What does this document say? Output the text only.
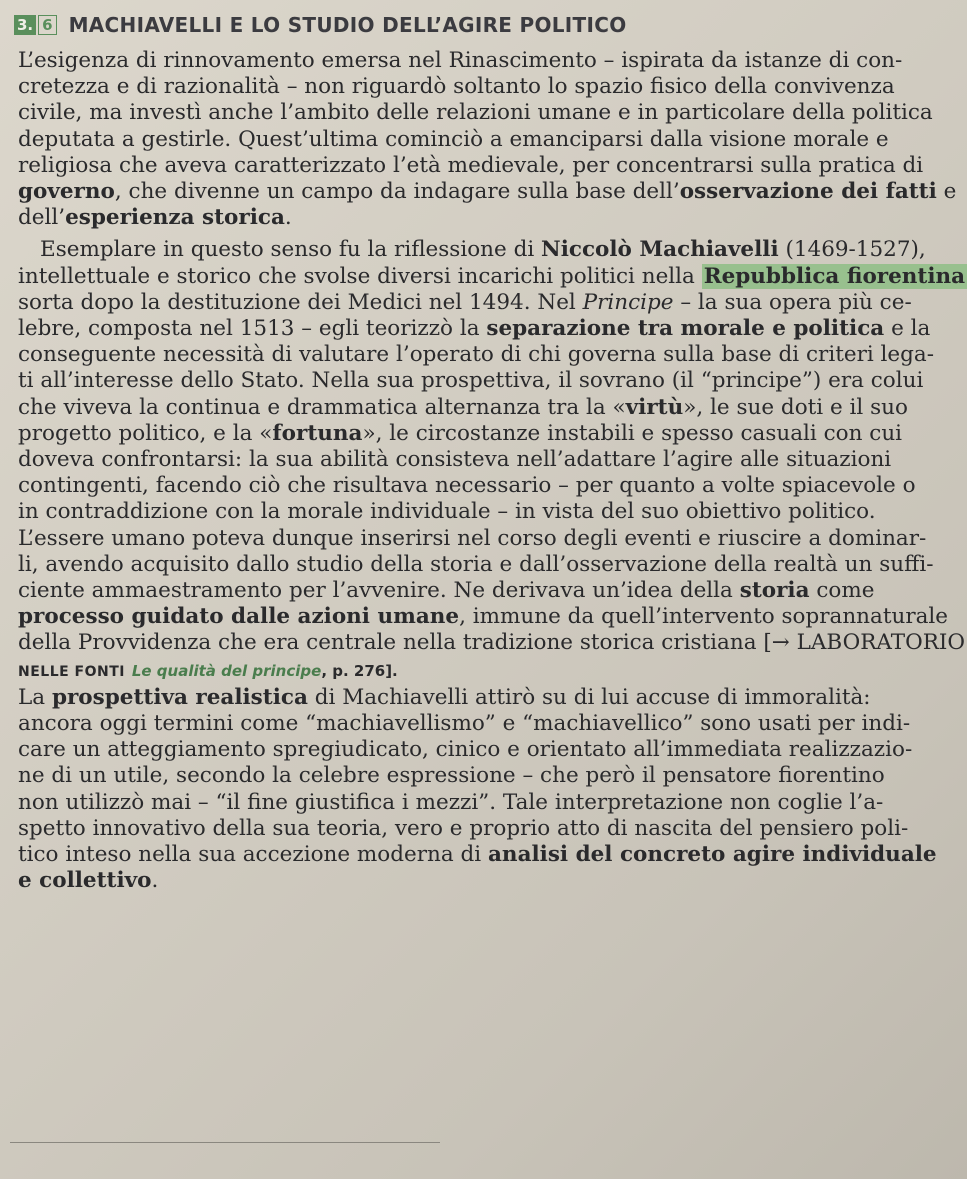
3. 6 MACHIAVELLI E LO STUDIO DELL’AGIRE POLITICO
L’esigenza di rinnovamento emersa nel Rinascimento – ispirata da istanze di con-
cretezza e di razionalità – non riguardò soltanto lo spazio fisico della convivenza
civile, ma investì anche l’ambito delle relazioni umane e in particolare della politica
deputata a gestirle. Quest’ultima cominciò a emanciparsi dalla visione morale e
religiosa che aveva caratterizzato l’età medievale, per concentrarsi sulla pratica di
governo, che divenne un campo da indagare sulla base dell’osservazione dei fatti e
dell’esperienza storica.
Esemplare in questo senso fu la riflessione di Niccolò Machiavelli (1469-1527),
intellettuale e storico che svolse diversi incarichi politici nella Repubblica fiorentina
sorta dopo la destituzione dei Medici nel 1494. Nel Principe – la sua opera più ce-
lebre, composta nel 1513 – egli teorizzò la separazione tra morale e politica e la
conseguente necessità di valutare l’operato di chi governa sulla base di criteri lega-
ti all’interesse dello Stato. Nella sua prospettiva, il sovrano (il “principe”) era colui
che viveva la continua e drammatica alternanza tra la «virtù», le sue doti e il suo
progetto politico, e la «fortuna», le circostanze instabili e spesso casuali con cui
doveva confrontarsi: la sua abilità consisteva nell’adattare l’agire alle situazioni
contingenti, facendo ciò che risultava necessario – per quanto a volte spiacevole o
in contraddizione con la morale individuale – in vista del suo obiettivo politico.
L’essere umano poteva dunque inserirsi nel corso degli eventi e riuscire a dominar-
li, avendo acquisito dallo studio della storia e dall’osservazione della realtà un suffi-
ciente ammaestramento per l’avvenire. Ne derivava un’idea della storia come
processo guidato dalle azioni umane, immune da quell’intervento soprannaturale
della Provvidenza che era centrale nella tradizione storica cristiana [→ LABORATORIO
NELLE FONTI Le qualità del principe, p. 276].
La prospettiva realistica di Machiavelli attirò su di lui accuse di immoralità:
ancora oggi termini come “machiavellismo” e “machiavellico” sono usati per indi-
care un atteggiamento spregiudicato, cinico e orientato all’immediata realizzazio-
ne di un utile, secondo la celebre espressione – che però il pensatore fiorentino
non utilizzò mai – “il fine giustifica i mezzi”. Tale interpretazione non coglie l’a-
spetto innovativo della sua teoria, vero e proprio atto di nascita del pensiero poli-
tico inteso nella sua accezione moderna di analisi del concreto agire individuale
e collettivo.
